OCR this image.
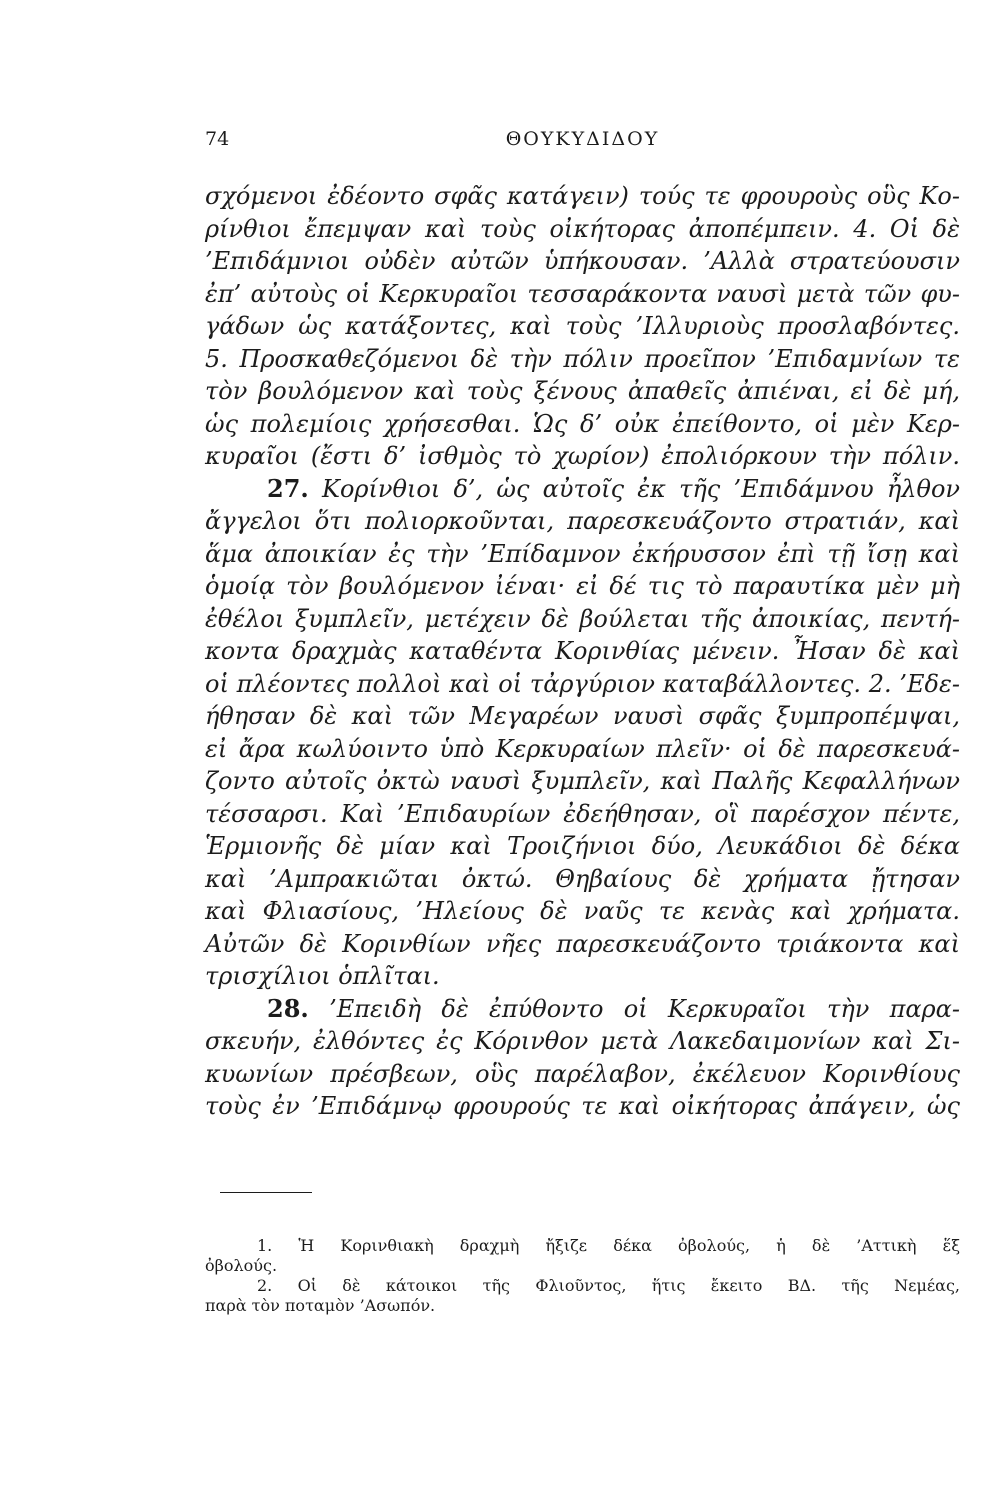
74	ΘΟΥΚΥΔΙΔΟΥ
σχόμενοι ἐδέοντο σφᾶς κατάγειν) τούς τε φρουροὺς οὓς Κο-
ρίνθιοι ἔπεμψαν καὶ τοὺς οἰκήτορας ἀποπέμπειν. 4. Οἱ δὲ
’Επιδάμνιοι οὐδὲν αὐτῶν ὑπήκουσαν. ’Αλλὰ στρατεύουσιν
ἐπ’ αὐτοὺς οἱ Κερκυραῖοι τεσσαράκοντα ναυσὶ μετὰ τῶν φυ-
γάδων ὡς κατάξοντες, καὶ τοὺς ’Ιλλυριοὺς προσλαβόντες.
5. Προσκαθεζόμενοι δὲ τὴν πόλιν προεῖπον ’Επιδαμνίων τε
τὸν βουλόμενον καὶ τοὺς ξένους ἀπαθεῖς ἀπιέναι, εἰ δὲ μή,
ὡς πολεμίοις χρήσεσθαι. Ὡς δ’ οὐκ ἐπείθοντο, οἱ μὲν Κερ-
κυραῖοι (ἔστι δ’ ἰσθμὸς τὸ χωρίον) ἐπολιόρκουν τὴν πόλιν.
27. Κορίνθιοι δ’, ὡς αὐτοῖς ἐκ τῆς ’Επιδάμνου ἦλθον
ἄγγελοι ὅτι πολιορκοῦνται, παρεσκευάζοντο στρατιάν, καὶ
ἅμα ἀποικίαν ἐς τὴν ’Επίδαμνον ἐκήρυσσον ἐπὶ τῇ ἴσῃ καὶ
ὁμοίᾳ τὸν βουλόμενον ἰέναι· εἰ δέ τις τὸ παραυτίκα μὲν μὴ
ἐθέλοι ξυμπλεῖν, μετέχειν δὲ βούλεται τῆς ἀποικίας, πεντή-
κοντα δραχμὰς καταθέντα Κορινθίας μένειν. Ἦσαν δὲ καὶ
οἱ πλέοντες πολλοὶ καὶ οἱ τἀργύριον καταβάλλοντες. 2. ’Εδε-
ήθησαν δὲ καὶ τῶν Μεγαρέων ναυσὶ σφᾶς ξυμπροπέμψαι,
εἰ ἄρα κωλύοιντο ὑπὸ Κερκυραίων πλεῖν· οἱ δὲ παρεσκευά-
ζοντο αὐτοῖς ὀκτὼ ναυσὶ ξυμπλεῖν, καὶ Παλῆς Κεφαλλήνων
τέσσαρσι. Καὶ ’Επιδαυρίων ἐδεήθησαν, οἳ παρέσχον πέντε,
Ἑρμιονῆς δὲ μίαν καὶ Τροιζήνιοι δύο, Λευκάδιοι δὲ δέκα
καὶ ’Αμπρακιῶται ὀκτώ. Θηβαίους δὲ χρήματα ᾔτησαν
καὶ Φλιασίους, ’Ηλείους δὲ ναῦς τε κενὰς καὶ χρήματα.
Αὐτῶν δὲ Κορινθίων νῆες παρεσκευάζοντο τριάκοντα καὶ
τρισχίλιοι ὁπλῖται.
28. ’Επειδὴ δὲ ἐπύθοντο οἱ Κερκυραῖοι τὴν παρα-
σκευήν, ἐλθόντες ἐς Κόρινθον μετὰ Λακεδαιμονίων καὶ Σι-
κυωνίων πρέσβεων, οὓς παρέλαβον, ἐκέλευον Κορινθίους
τοὺς ἐν ’Επιδάμνῳ φρουρούς τε καὶ οἰκήτορας ἀπάγειν, ὡς
1. Ἡ Κορινθιακὴ δραχμὴ ἤξιζε δέκα ὀβολούς, ἡ δὲ ’Αττικὴ ἕξ
ὀβολούς.
2. Οἱ δὲ κάτοικοι τῆς Φλιοῦντος, ἥτις ἔκειτο ΒΔ. τῆς Νεμέας,
παρὰ τὸν ποταμὸν ’Ασωπόν.
